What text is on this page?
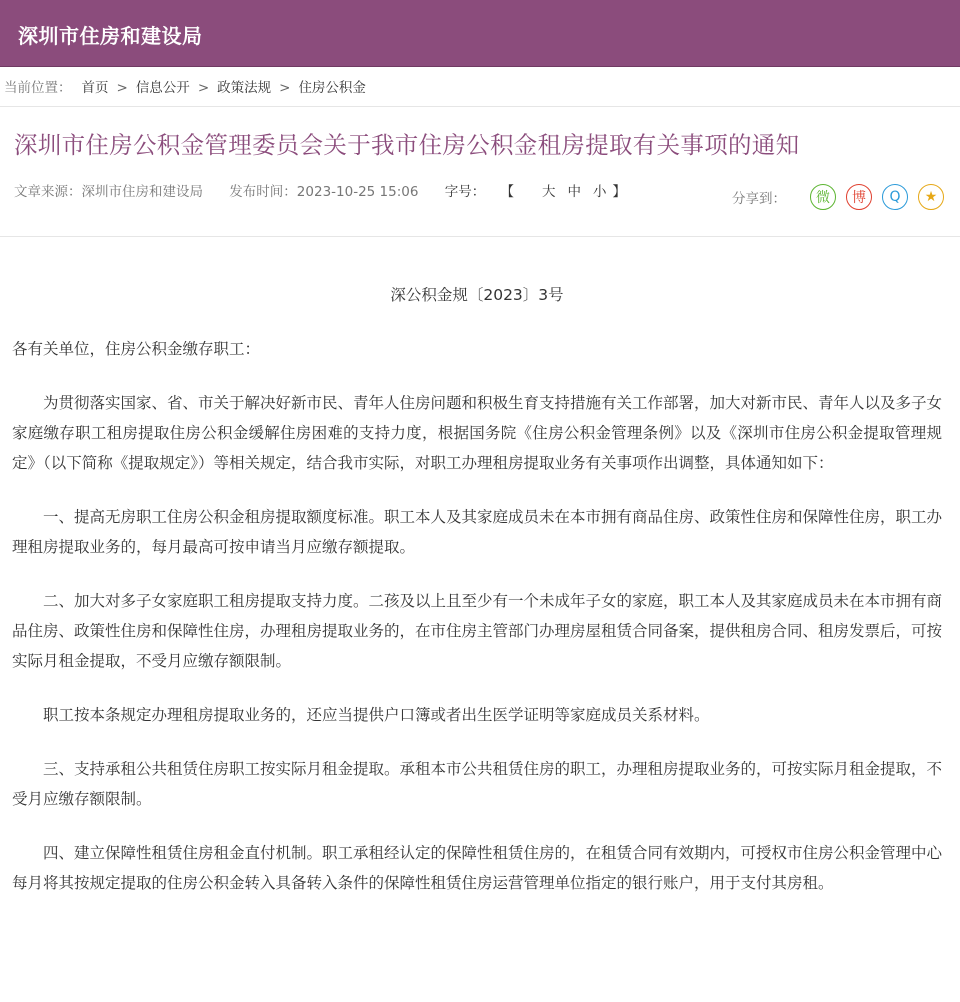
深圳市住房和建设局
当前位置： 首页 > 信息公开 > 政策法规 > 住房公积金
深圳市住房公积金管理委员会关于我市住房公积金租房提取有关事项的通知
文章来源：深圳市住房和建设局 发布时间：2023-10-25 15:06 字号： 【 大 中 小 】	分享到：	微	博	Q	★
深公积金规〔2023〕3号

各有关单位，住房公积金缴存职工：

为贯彻落实国家、省、市关于解决好新市民、青年人住房问题和积极生育支持措施有关工作部署，加大对新市民、青年人以及多子女家庭缴存职工租房提取住房公积金缓解住房困难的支持力度，根据国务院《住房公积金管理条例》以及《深圳市住房公积金提取管理规定》（以下简称《提取规定》）等相关规定，结合我市实际，对职工办理租房提取业务有关事项作出调整，具体通知如下：

一、提高无房职工住房公积金租房提取额度标准。职工本人及其家庭成员未在本市拥有商品住房、政策性住房和保障性住房，职工办理租房提取业务的，每月最高可按申请当月应缴存额提取。

二、加大对多子女家庭职工租房提取支持力度。二孩及以上且至少有一个未成年子女的家庭，职工本人及其家庭成员未在本市拥有商品住房、政策性住房和保障性住房，办理租房提取业务的，在市住房主管部门办理房屋租赁合同备案，提供租房合同、租房发票后，可按实际月租金提取，不受月应缴存额限制。

职工按本条规定办理租房提取业务的，还应当提供户口簿或者出生医学证明等家庭成员关系材料。

三、支持承租公共租赁住房职工按实际月租金提取。承租本市公共租赁住房的职工，办理租房提取业务的，可按实际月租金提取，不受月应缴存额限制。

四、建立保障性租赁住房租金直付机制。职工承租经认定的保障性租赁住房的，在租赁合同有效期内，可授权市住房公积金管理中心每月将其按规定提取的住房公积金转入具备转入条件的保障性租赁住房运营管理单位指定的银行账户，用于支付其房租。
